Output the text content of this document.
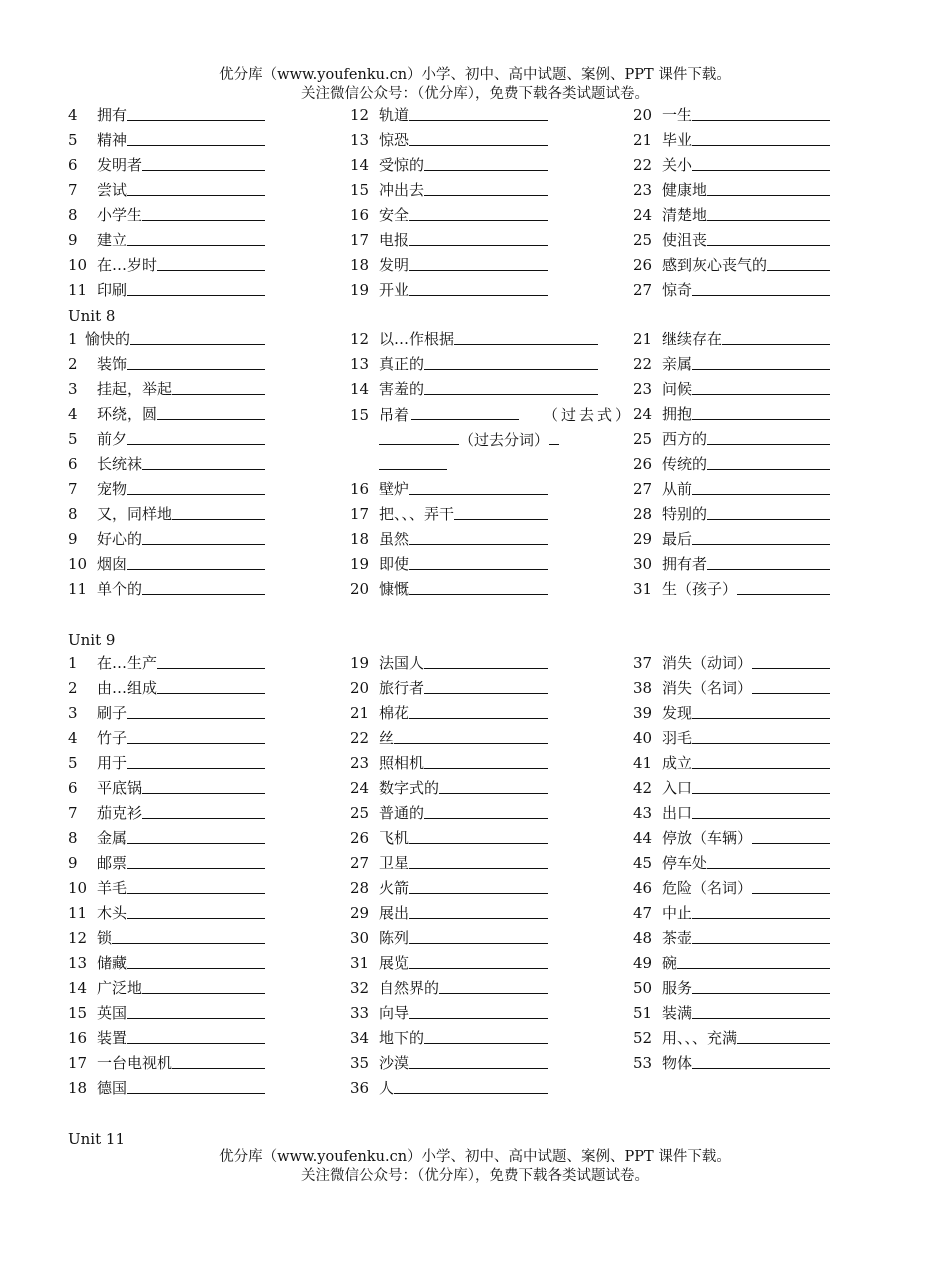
优分库（www.youfenku.cn）小学、初中、高中试题、案例、PPT 课件下载。
关注微信公众号：（优分库），免费下载各类试题试卷。
4	拥有
5	精神
6	发明者
7	尝试
8	小学生
9	建立
10 在…岁时
11 印刷
12 轨道
13 惊恐
14 受惊的
15 冲出去
16 安全
17 电报
18 发明
19 开业
20 一生
21 毕业
22 关小
23 健康地
24 清楚地
25 使沮丧
26 感到灰心丧气的
27 惊奇
Unit 8
1 愉快的
2	装饰
3	挂起，举起
4	环绕，圆
5	前夕
6	长统袜
7	宠物
8	又，同样地
9	好心的
10 烟囱
11 单个的
12 以…作根据
13 真正的
14 害羞的
15 吊着	（过去式）
（过去分词）
16 壁炉
17 把、、、弄干
18 虽然
19 即使
20 慷慨
21 继续存在
22 亲属
23 问候
24 拥抱
25 西方的
26 传统的
27 从前
28 特别的
29 最后
30 拥有者
31 生（孩子）
Unit 9
1	在…生产
2	由…组成
3	刷子
4	竹子
5	用于
6	平底锅
7	茄克衫
8	金属
9	邮票
10 羊毛
11 木头
12 锁
13 储藏
14 广泛地
15 英国
16 装置
17 一台电视机
18 德国
19 法国人
20 旅行者
21 棉花
22 丝
23 照相机
24 数字式的
25 普通的
26 飞机
27 卫星
28 火箭
29 展出
30 陈列
31 展览
32 自然界的
33 向导
34 地下的
35 沙漠
36 人
37 消失（动词）
38 消失（名词）
39 发现
40 羽毛
41 成立
42 入口
43 出口
44 停放（车辆）
45 停车处
46 危险（名词）
47 中止
48 茶壶
49 碗
50 服务
51 装满
52 用、、、充满
53 物体
Unit 11
优分库（www.youfenku.cn）小学、初中、高中试题、案例、PPT 课件下载。
关注微信公众号：（优分库），免费下载各类试题试卷。
